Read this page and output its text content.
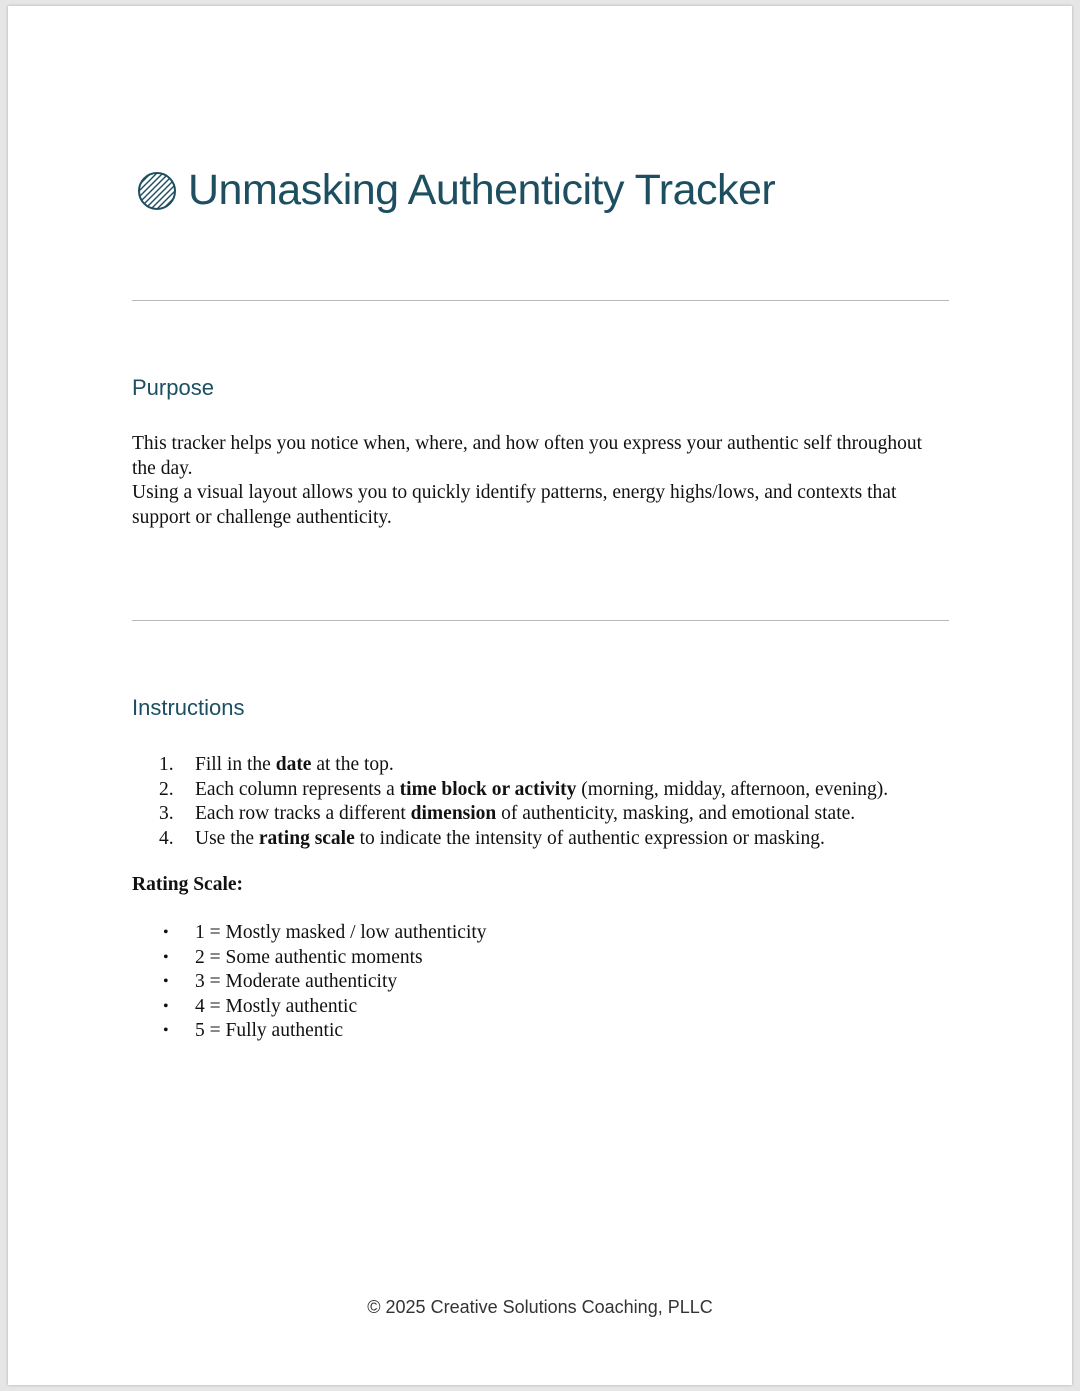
Unmasking Authenticity Tracker
Purpose

This tracker helps you notice when, where, and how often you express your authentic self throughout the day.

Using a visual layout allows you to quickly identify patterns, energy highs/lows, and contexts that support or challenge authenticity.

Instructions
1.	Fill in the date at the top.
2.	Each column represents a time block or activity (morning, midday, afternoon, evening).
3.	Each row tracks a different dimension of authenticity, masking, and emotional state.
4.	Use the rating scale to indicate the intensity of authentic expression or masking.

Rating Scale:

•	1 = Mostly masked / low authenticity
•	2 = Some authentic moments
•	3 = Moderate authenticity
•	4 = Mostly authentic
•	5 = Fully authentic

© 2025 Creative Solutions Coaching, PLLC
